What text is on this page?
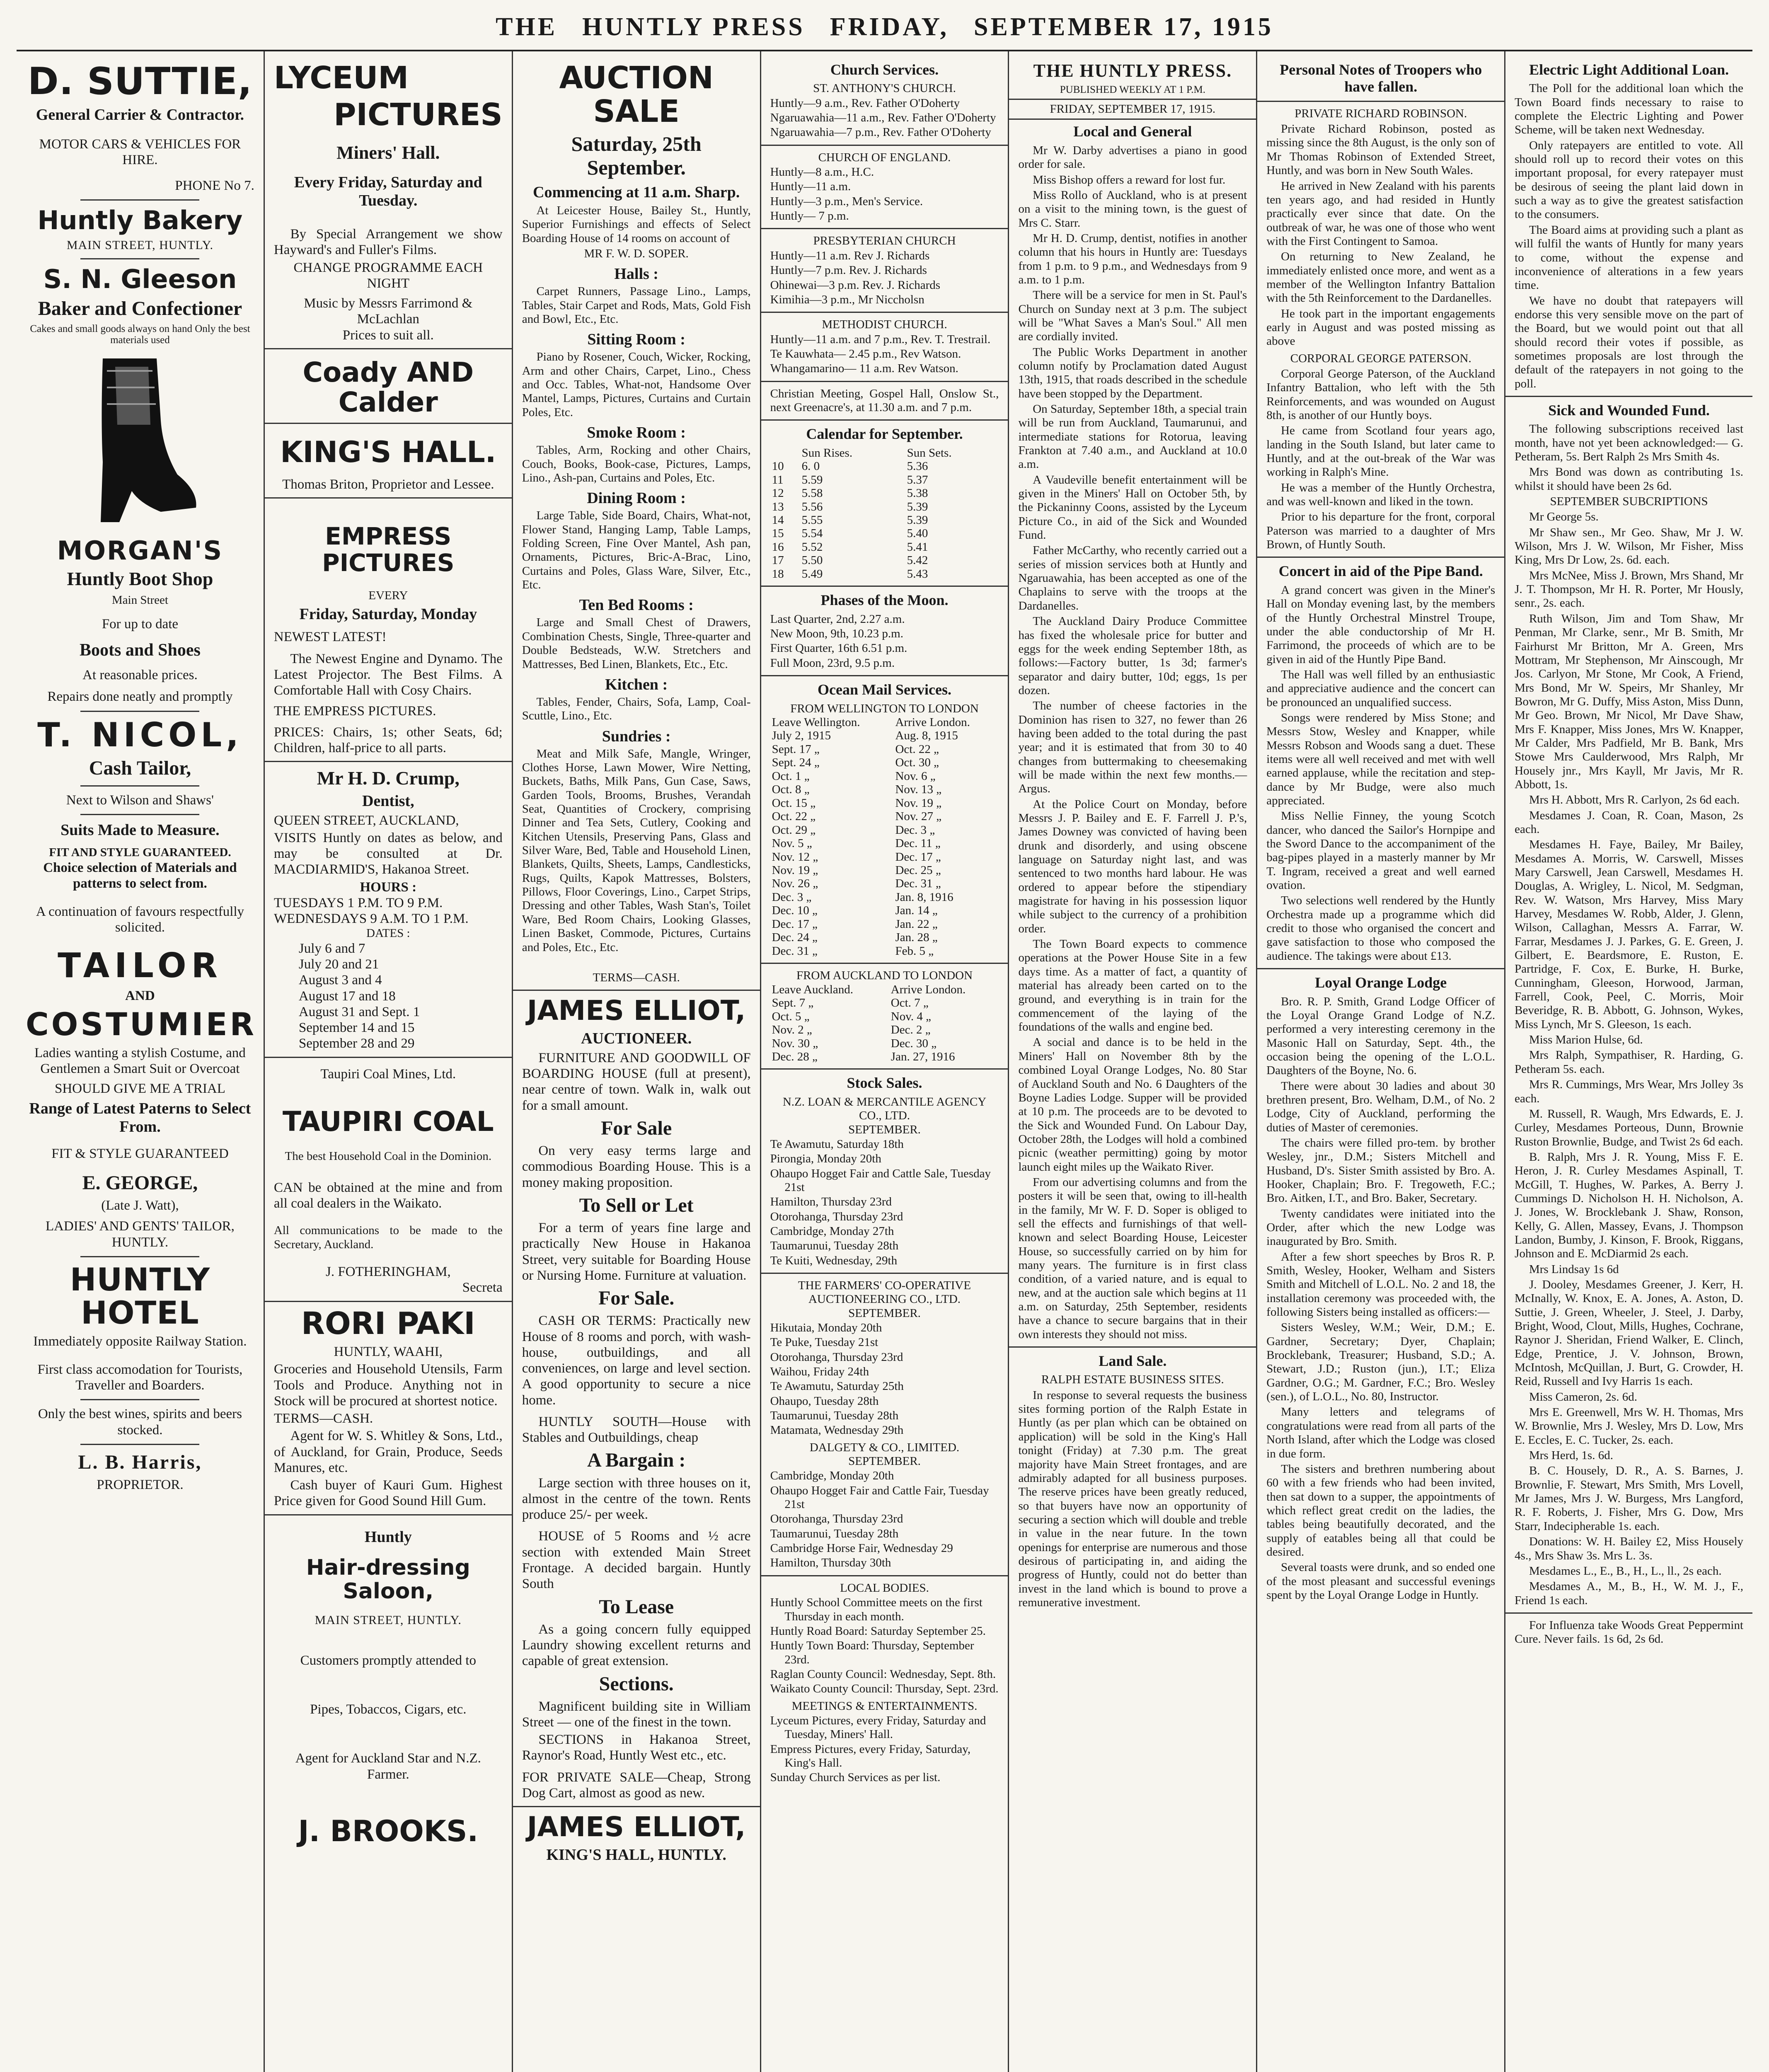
THE HUNTLY PRESS FRIDAY, SEPTEMBER 17, 1915
D. SUTTIE,
General Carrier & Contractor.
MOTOR CARS & VEHICLES FOR HIRE.
PHONE No 7.
Huntly Bakery
MAIN STREET, HUNTLY.
S. N. Gleeson
Baker and Confectioner
Cakes and small goods always on hand Only the best materials used
MORGAN'S
Huntly Boot Shop
Main Street
For up to date
Boots and Shoes
At reasonable prices.
Repairs done neatly and promptly
T. NICOL,
Cash Tailor,
Next to Wilson and Shaws'
Suits Made to Measure.
FIT AND STYLE GUARANTEED.
Choice selection of Materials and patterns to select from.
A continuation of favours respectfully solicited.
TAILOR
AND
COSTUMIER
Ladies wanting a stylish Costume, and Gentlemen a Smart Suit or Overcoat
SHOULD GIVE ME A TRIAL
Range of Latest Paterns to Select From.
FIT & STYLE GUARANTEED
E. GEORGE,
(Late J. Watt),
LADIES' AND GENTS' TAILOR, HUNTLY.
HUNTLY HOTEL
Immediately opposite Railway Station.
First class accomodation for Tourists, Traveller and Boarders.
Only the best wines, spirits and beers stocked.
L. B. Harris,
PROPRIETOR.
LYCEUM
PICTURES
Miners' Hall.
Every Friday, Saturday and Tuesday.

By Special Arrangement we show Hayward's and Fuller's Films.

CHANGE PROGRAMME EACH NIGHT
Music by Messrs Farrimond & McLachlan
Prices to suit all.
Coady AND Calder
KING'S HALL.
Thomas Briton, Proprietor and Lessee.
EMPRESS PICTURES
EVERY
Friday, Saturday, Monday
NEWEST LATEST!

The Newest Engine and Dynamo. The Latest Projector. The Best Films. A Comfortable Hall with Cosy Chairs.

THE EMPRESS PICTURES.

PRICES: Chairs, 1s; other Seats, 6d; Children, half-price to all parts.

Mr H. D. Crump,
Dentist,
QUEEN STREET, AUCKLAND,

VISITS Huntly on dates as below, and may be consulted at Dr. MACDIARMID'S, Hakanoa Street.

HOURS :
TUESDAYS 1 P.M. TO 9 P.M.
WEDNESDAYS 9 A.M. TO 1 P.M.
DATES :
July 6 and 7
July 20 and 21
August 3 and 4
August 17 and 18
August 31 and Sept. 1
September 14 and 15
September 28 and 29
Taupiri Coal Mines, Ltd.
TAUPIRI COAL
The best Household Coal in the Dominion.

CAN be obtained at the mine and from all coal dealers in the Waikato.

All communications to be made to the Secretary, Auckland.

J. FOTHERINGHAM,
Secreta
RORI PAKI
HUNTLY, WAAHI,

Groceries and Household Utensils, Farm Tools and Produce. Anything not in Stock will be procured at shortest notice.

TERMS—CASH.

Agent for W. S. Whitley & Sons, Ltd., of Auckland, for Grain, Produce, Seeds Manures, etc.

Cash buyer of Kauri Gum. Highest Price given for Good Sound Hill Gum.

Huntly
Hair-dressing Saloon,
MAIN STREET, HUNTLY.
Customers promptly attended to
Pipes, Tobaccos, Cigars, etc.
Agent for Auckland Star and N.Z. Farmer.
J. BROOKS.
AUCTION SALE
Saturday, 25th September.
Commencing at 11 a.m. Sharp.

At Leicester House, Bailey St., Huntly, Superior Furnishings and effects of Select Boarding House of 14 rooms on account of

MR F. W. D. SOPER.
Halls :

Carpet Runners, Passage Lino., Lamps, Tables, Stair Carpet and Rods, Mats, Gold Fish and Bowl, Etc., Etc.

Sitting Room :

Piano by Rosener, Couch, Wicker, Rocking, Arm and other Chairs, Carpet, Lino., Chess and Occ. Tables, What-not, Handsome Over Mantel, Lamps, Pictures, Curtains and Curtain Poles, Etc.

Smoke Room :

Tables, Arm, Rocking and other Chairs, Couch, Books, Book-case, Pictures, Lamps, Lino., Ash-pan, Curtains and Poles, Etc.

Dining Room :

Large Table, Side Board, Chairs, What-not, Flower Stand, Hanging Lamp, Table Lamps, Folding Screen, Fine Over Mantel, Ash pan, Ornaments, Pictures, Bric-A-Brac, Lino, Curtains and Poles, Glass Ware, Silver, Etc., Etc.

Ten Bed Rooms :

Large and Small Chest of Drawers, Combination Chests, Single, Three-quarter and Double Bedsteads, W.W. Stretchers and Mattresses, Bed Linen, Blankets, Etc., Etc.

Kitchen :

Tables, Fender, Chairs, Sofa, Lamp, Coal-Scuttle, Lino., Etc.

Sundries :

Meat and Milk Safe, Mangle, Wringer, Clothes Horse, Lawn Mower, Wire Netting, Buckets, Baths, Milk Pans, Gun Case, Saws, Garden Tools, Brooms, Brushes, Verandah Seat, Quantities of Crockery, comprising Dinner and Tea Sets, Cutlery, Cooking and Kitchen Utensils, Preserving Pans, Glass and Silver Ware, Bed, Table and Household Linen, Blankets, Quilts, Sheets, Lamps, Candlesticks, Rugs, Quilts, Kapok Mattresses, Bolsters, Pillows, Floor Coverings, Lino., Carpet Strips, Dressing and other Tables, Wash Stan's, Toilet Ware, Bed Room Chairs, Looking Glasses, Linen Basket, Commode, Pictures, Curtains and Poles, Etc., Etc.

TERMS—CASH.
JAMES ELLIOT,
AUCTIONEER.

FURNITURE AND GOODWILL OF BOARDING HOUSE (full at present), near centre of town. Walk in, walk out for a small amount.

For Sale

On very easy terms large and commodious Boarding House. This is a money making proposition.

To Sell or Let

For a term of years fine large and practically New House in Hakanoa Street, very suitable for Boarding House or Nursing Home. Furniture at valuation.

For Sale.

CASH OR TERMS: Practically new House of 8 rooms and porch, with wash-house, outbuildings, and all conveniences, on large and level section. A good opportunity to secure a nice home.

HUNTLY SOUTH—House with Stables and Outbuildings, cheap

A Bargain :

Large section with three houses on it, almost in the centre of the town. Rents produce 25/- per week.

HOUSE of 5 Rooms and ½ acre section with extended Main Street Frontage. A decided bargain. Huntly South

To Lease

As a going concern fully equipped Laundry showing excellent returns and capable of great extension.

Sections.

Magnificent building site in William Street — one of the finest in the town.

SECTIONS in Hakanoa Street, Raynor's Road, Huntly West etc., etc.

FOR PRIVATE SALE—Cheap, Strong Dog Cart, almost as good as new.

JAMES ELLIOT,
KING'S HALL, HUNTLY.
Church Services.
ST. ANTHONY'S CHURCH.
Huntly—9 a.m., Rev. Father O'Doherty
Ngaruawahia—11 a.m., Rev. Father O'Doherty
Ngaruawahia—7 p.m., Rev. Father O'Doherty
CHURCH OF ENGLAND.
Huntly—8 a.m., H.C.
Huntly—11 a.m.
Huntly—3 p.m., Men's Service.
Huntly— 7 p.m.
PRESBYTERIAN CHURCH
Huntly—11 a.m. Rev J. Richards
Huntly—7 p.m. Rev. J. Richards
Ohinewai—3 p.m. Rev. J. Richards
Kimihia—3 p.m., Mr Niccholsn
METHODIST CHURCH.
Huntly—11 a.m. and 7 p.m., Rev. T. Trestrail.
Te Kauwhata— 2.45 p.m., Rev Watson.
Whangamarino— 11 a.m. Rev Watson.

Christian Meeting, Gospel Hall, Onslow St., next Greenacre's, at 11.30 a.m. and 7 p.m.

Calendar for September.
	Sun Rises.	Sun Sets.
10	6. 0	5.36
11	5.59	5.37
12	5.58	5.38
13	5.56	5.39
14	5.55	5.39
15	5.54	5.40
16	5.52	5.41
17	5.50	5.42
18	5.49	5.43
Phases of the Moon.
Last Quarter, 2nd, 2.27 a.m.
New Moon, 9th, 10.23 p.m.
First Quarter, 16th 6.51 p.m.
Full Moon, 23rd, 9.5 p.m.
Ocean Mail Services.
FROM WELLINGTON TO LONDON
Leave Wellington.	Arrive London.
July 2, 1915	Aug. 8, 1915
Sept. 17 „	Oct. 22 „
Sept. 24 „	Oct. 30 „
Oct. 1 „	Nov. 6 „
Oct. 8 „	Nov. 13 „
Oct. 15 „	Nov. 19 „
Oct. 22 „	Nov. 27 „
Oct. 29 „	Dec. 3 „
Nov. 5 „	Dec. 11 „
Nov. 12 „	Dec. 17 „
Nov. 19 „	Dec. 25 „
Nov. 26 „	Dec. 31 „
Dec. 3 „	Jan. 8, 1916
Dec. 10 „	Jan. 14 „
Dec. 17 „	Jan. 22 „
Dec. 24 „	Jan. 28 „
Dec. 31 „	Feb. 5 „
FROM AUCKLAND TO LONDON
Leave Auckland.	Arrive London.
Sept. 7 „	Oct. 7 „
Oct. 5 „	Nov. 4 „
Nov. 2 „	Dec. 2 „
Nov. 30 „	Dec. 30 „
Dec. 28 „	Jan. 27, 1916
Stock Sales.
N.Z. LOAN & MERCANTILE AGENCY CO., LTD.
SEPTEMBER.
Te Awamutu, Saturday 18th
Pirongia, Monday 20th
Ohaupo Hogget Fair and Cattle Sale, Tuesday 21st
Hamilton, Thursday 23rd
Otorohanga, Thursday 23rd
Cambridge, Monday 27th
Taumarunui, Tuesday 28th
Te Kuiti, Wednesday, 29th
THE FARMERS' CO-OPERATIVE AUCTIONEERING CO., LTD.
SEPTEMBER.
Hikutaia, Monday 20th
Te Puke, Tuesday 21st
Otorohanga, Thursday 23rd
Waihou, Friday 24th
Te Awamutu, Saturday 25th
Ohaupo, Tuesday 28th
Taumarunui, Tuesday 28th
Matamata, Wednesday 29th
DALGETY & CO., LIMITED.
SEPTEMBER.
Cambridge, Monday 20th
Ohaupo Hogget Fair and Cattle Fair, Tuesday 21st
Otorohanga, Thursday 23rd
Taumarunui, Tuesday 28th
Cambridge Horse Fair, Wednesday 29
Hamilton, Thursday 30th
LOCAL BODIES.
Huntly School Committee meets on the first Thursday in each month.
Huntly Road Board: Saturday September 25.
Huntly Town Board: Thursday, September 23rd.
Raglan County Council: Wednesday, Sept. 8th.
Waikato County Council: Thursday, Sept. 23rd.
MEETINGS & ENTERTAINMENTS.
Lyceum Pictures, every Friday, Saturday and Tuesday, Miners' Hall.
Empress Pictures, every Friday, Saturday, King's Hall.
Sunday Church Services as per list.
THE HUNTLY PRESS.
PUBLISHED WEEKLY AT 1 P.M.
FRIDAY, SEPTEMBER 17, 1915.
Local and General

Mr W. Darby advertises a piano in good order for sale.

Miss Bishop offers a reward for lost fur.

Miss Rollo of Auckland, who is at present on a visit to the mining town, is the guest of Mrs C. Starr.

Mr H. D. Crump, dentist, notifies in another column that his hours in Huntly are: Tuesdays from 1 p.m. to 9 p.m., and Wednesdays from 9 a.m. to 1 p.m.

There will be a service for men in St. Paul's Church on Sunday next at 3 p.m. The subject will be "What Saves a Man's Soul." All men are cordially invited.

The Public Works Department in another column notify by Proclamation dated August 13th, 1915, that roads described in the schedule have been stopped by the Department.

On Saturday, September 18th, a special train will be run from Auckland, Taumarunui, and intermediate stations for Rotorua, leaving Frankton at 7.40 a.m., and Auckland at 10.0 a.m.

A Vaudeville benefit entertainment will be given in the Miners' Hall on October 5th, by the Pickaninny Coons, assisted by the Lyceum Picture Co., in aid of the Sick and Wounded Fund.

Father McCarthy, who recently carried out a series of mission services both at Huntly and Ngaruawahia, has been accepted as one of the Chaplains to serve with the troops at the Dardanelles.

The Auckland Dairy Produce Committee has fixed the wholesale price for butter and eggs for the week ending September 18th, as follows:—Factory butter, 1s 3d; farmer's separator and dairy butter, 10d; eggs, 1s per dozen.

The number of cheese factories in the Dominion has risen to 327, no fewer than 26 having been added to the total during the past year; and it is estimated that from 30 to 40 changes from buttermaking to cheesemaking will be made within the next few months.—Argus.

At the Police Court on Monday, before Messrs J. P. Bailey and E. F. Farrell J. P.'s, James Downey was convicted of having been drunk and disorderly, and using obscene language on Saturday night last, and was sentenced to two months hard labour. He was ordered to appear before the stipendiary magistrate for having in his possession liquor while subject to the currency of a prohibition order.

The Town Board expects to commence operations at the Power House Site in a few days time. As a matter of fact, a quantity of material has already been carted on to the ground, and everything is in train for the commencement of the laying of the foundations of the walls and engine bed.

A social and dance is to be held in the Miners' Hall on November 8th by the combined Loyal Orange Lodges, No. 80 Star of Auckland South and No. 6 Daughters of the Boyne Ladies Lodge. Supper will be provided at 10 p.m. The proceeds are to be devoted to the Sick and Wounded Fund. On Labour Day, October 28th, the Lodges will hold a combined picnic (weather permitting) going by motor launch eight miles up the Waikato River.

From our advertising columns and from the posters it will be seen that, owing to ill-health in the family, Mr W. F. D. Soper is obliged to sell the effects and furnishings of that well-known and select Boarding House, Leicester House, so successfully carried on by him for many years. The furniture is in first class condition, of a varied nature, and is equal to new, and at the auction sale which begins at 11 a.m. on Saturday, 25th September, residents have a chance to secure bargains that in their own interests they should not miss.

Land Sale.
RALPH ESTATE BUSINESS SITES.

In response to several requests the business sites forming portion of the Ralph Estate in Huntly (as per plan which can be obtained on application) will be sold in the King's Hall tonight (Friday) at 7.30 p.m. The great majority have Main Street frontages, and are admirably adapted for all business purposes. The reserve prices have been greatly reduced, so that buyers have now an opportunity of securing a section which will double and treble in value in the near future. In the town openings for enterprise are numerous and those desirous of participating in, and aiding the progress of Huntly, could not do better than invest in the land which is bound to prove a remunerative investment.

Personal Notes of Troopers who have fallen.
PRIVATE RICHARD ROBINSON.

Private Richard Robinson, posted as missing since the 8th August, is the only son of Mr Thomas Robinson of Extended Street, Huntly, and was born in New South Wales.

He arrived in New Zealand with his parents ten years ago, and had resided in Huntly practically ever since that date. On the outbreak of war, he was one of those who went with the First Contingent to Samoa.

On returning to New Zealand, he immediately enlisted once more, and went as a member of the Wellington Infantry Battalion with the 5th Reinforcement to the Dardanelles.

He took part in the important engagements early in August and was posted missing as above

CORPORAL GEORGE PATERSON.

Corporal George Paterson, of the Auckland Infantry Battalion, who left with the 5th Reinforcements, and was wounded on August 8th, is another of our Huntly boys.

He came from Scotland four years ago, landing in the South Island, but later came to Huntly, and at the out-break of the War was working in Ralph's Mine.

He was a member of the Huntly Orchestra, and was well-known and liked in the town.

Prior to his departure for the front, corporal Paterson was married to a daughter of Mrs Brown, of Huntly South.

Concert in aid of the Pipe Band.

A grand concert was given in the Miner's Hall on Monday evening last, by the members of the Huntly Orchestral Minstrel Troupe, under the able conductorship of Mr H. Farrimond, the proceeds of which are to be given in aid of the Huntly Pipe Band.

The Hall was well filled by an enthusiastic and appreciative audience and the concert can be pronounced an unqualified success.

Songs were rendered by Miss Stone; and Messrs Stow, Wesley and Knapper, while Messrs Robson and Woods sang a duet. These items were all well received and met with well earned applause, while the recitation and step-dance by Mr Budge, were also much appreciated.

Miss Nellie Finney, the young Scotch dancer, who danced the Sailor's Hornpipe and the Sword Dance to the accompaniment of the bag-pipes played in a masterly manner by Mr T. Ingram, received a great and well earned ovation.

Two selections well rendered by the Huntly Orchestra made up a programme which did credit to those who organised the concert and gave satisfaction to those who composed the audience. The takings were about £13.

Loyal Orange Lodge

Bro. R. P. Smith, Grand Lodge Officer of the Loyal Orange Grand Lodge of N.Z. performed a very interesting ceremony in the Masonic Hall on Saturday, Sept. 4th., the occasion being the opening of the L.O.L. Daughters of the Boyne, No. 6.

There were about 30 ladies and about 30 brethren present, Bro. Welham, D.M., of No. 2 Lodge, City of Auckland, performing the duties of Master of ceremonies.

The chairs were filled pro-tem. by brother Wesley, jnr., D.M.; Sisters Mitchell and Husband, D's. Sister Smith assisted by Bro. A. Hooker, Chaplain; Bro. F. Tregoweth, F.C.; Bro. Aitken, I.T., and Bro. Baker, Secretary.

Twenty candidates were initiated into the Order, after which the new Lodge was inaugurated by Bro. Smith.

After a few short speeches by Bros R. P. Smith, Wesley, Hooker, Welham and Sisters Smith and Mitchell of L.O.L. No. 2 and 18, the installation ceremony was proceeded with, the following Sisters being installed as officers:—

Sisters Wesley, W.M.; Weir, D.M.; E. Gardner, Secretary; Dyer, Chaplain; Brocklebank, Treasurer; Husband, S.D.; A. Stewart, J.D.; Ruston (jun.), I.T.; Eliza Gardner, O.G.; M. Gardner, F.C.; Bro. Wesley (sen.), of L.O.L., No. 80, Instructor.

Many letters and telegrams of congratulations were read from all parts of the North Island, after which the Lodge was closed in due form.

The sisters and brethren numbering about 60 with a few friends who had been invited, then sat down to a supper, the appointments of which reflect great credit on the ladies, the tables being beautifully decorated, and the supply of eatables being all that could be desired.

Several toasts were drunk, and so ended one of the most pleasant and successful evenings spent by the Loyal Orange Lodge in Huntly.

Electric Light Additional Loan.

The Poll for the additional loan which the Town Board finds necessary to raise to complete the Electric Lighting and Power Scheme, will be taken next Wednesday.

Only ratepayers are entitled to vote. All should roll up to record their votes on this important proposal, for every ratepayer must be desirous of seeing the plant laid down in such a way as to give the greatest satisfaction to the consumers.

The Board aims at providing such a plant as will fulfil the wants of Huntly for many years to come, without the expense and inconvenience of alterations in a few years time.

We have no doubt that ratepayers will endorse this very sensible move on the part of the Board, but we would point out that all should record their votes if possible, as sometimes proposals are lost through the default of the ratepayers in not going to the poll.

Sick and Wounded Fund.

The following subscriptions received last month, have not yet been acknowledged:— G. Petheram, 5s. Bert Ralph 2s Mrs Smith 4s.

Mrs Bond was down as contributing 1s. whilst it should have been 2s 6d.

SEPTEMBER SUBCRIPTIONS

Mr George 5s.

Mr Shaw sen., Mr Geo. Shaw, Mr J. W. Wilson, Mrs J. W. Wilson, Mr Fisher, Miss King, Mrs Dr Low, 2s. 6d. each.

Mrs McNee, Miss J. Brown, Mrs Shand, Mr J. T. Thompson, Mr H. R. Porter, Mr Hously, senr., 2s. each.

Ruth Wilson, Jim and Tom Shaw, Mr Penman, Mr Clarke, senr., Mr B. Smith, Mr Fairhurst Mr Britton, Mr A. Green, Mrs Mottram, Mr Stephenson, Mr Ainscough, Mr Jos. Carlyon, Mr Stone, Mr Cook, A Friend, Mrs Bond, Mr W. Speirs, Mr Shanley, Mr Bowron, Mr G. Duffy, Miss Aston, Miss Dunn, Mr Geo. Brown, Mr Nicol, Mr Dave Shaw, Mrs F. Knapper, Miss Jones, Mrs W. Knapper, Mr Calder, Mrs Padfield, Mr B. Bank, Mrs Stowe Mrs Caulderwood, Mrs Ralph, Mr Housely jnr., Mrs Kayll, Mr Javis, Mr R. Abbott, 1s.

Mrs H. Abbott, Mrs R. Carlyon, 2s 6d each.

Mesdames J. Coan, R. Coan, Mason, 2s each.

Mesdames H. Faye, Bailey, Mr Bailey, Mesdames A. Morris, W. Carswell, Misses Mary Carswell, Jean Carswell, Mesdames H. Douglas, A. Wrigley, L. Nicol, M. Sedgman, Rev. W. Watson, Mrs Harvey, Miss Mary Harvey, Mesdames W. Robb, Alder, J. Glenn, Wilson, Callaghan, Messrs A. Farrar, W. Farrar, Mesdames J. J. Parkes, G. E. Green, J. Gilbert, E. Beardsmore, E. Ruston, E. Partridge, F. Cox, E. Burke, H. Burke, Cunningham, Gleeson, Horwood, Jarman, Farrell, Cook, Peel, C. Morris, Moir Beveridge, R. B. Abbott, G. Johnson, Wykes, Miss Lynch, Mr S. Gleeson, 1s each.

Miss Marion Hulse, 6d.

Mrs Ralph, Sympathiser, R. Harding, G. Petheram 5s. each.

Mrs R. Cummings, Mrs Wear, Mrs Jolley 3s each.

M. Russell, R. Waugh, Mrs Edwards, E. J. Curley, Mesdames Porteous, Dunn, Brownie Ruston Brownlie, Budge, and Twist 2s 6d each.

B. Ralph, Mrs J. R. Young, Miss F. E. Heron, J. R. Curley Mesdames Aspinall, T. McGill, T. Hughes, W. Parkes, A. Berry J. Cummings D. Nicholson H. H. Nicholson, A. J. Jones, W. Brocklebank J. Shaw, Ronson, Kelly, G. Allen, Massey, Evans, J. Thompson Landon, Bumby, J. Kinson, F. Brook, Riggans, Johnson and E. McDiarmid 2s each.

Mrs Lindsay 1s 6d

J. Dooley, Mesdames Greener, J. Kerr, H. McInally, W. Knox, E. A. Jones, A. Aston, D. Suttie, J. Green, Wheeler, J. Steel, J. Darby, Bright, Wood, Clout, Mills, Hughes, Cochrane, Raynor J. Sheridan, Friend Walker, E. Clinch, Edge, Prentice, J. V. Johnson, Brown, McIntosh, McQuillan, J. Burt, G. Crowder, H. Reid, Russell and Ivy Harris 1s each.

Miss Cameron, 2s. 6d.

Mrs E. Greenwell, Mrs W. H. Thomas, Mrs W. Brownlie, Mrs J. Wesley, Mrs D. Low, Mrs E. Eccles, E. C. Tucker, 2s. each.

Mrs Herd, 1s. 6d.

B. C. Housely, D. R., A. S. Barnes, J. Brownlie, F. Stewart, Mrs Smith, Mrs Lovell, Mr James, Mrs J. W. Burgess, Mrs Langford, R. F. Roberts, J. Fisher, Mrs G. Dow, Mrs Starr, Indecipherable 1s. each.

Donations: W. H. Bailey £2, Miss Housely 4s., Mrs Shaw 3s. Mrs L. 3s.

Mesdames L., E., B., H., L., ll., 2s each.

Mesdames A., M., B., H., W. M. J., F., Friend 1s each.

For Influenza take Woods Great Peppermint Cure. Never fails. 1s 6d, 2s 6d.
